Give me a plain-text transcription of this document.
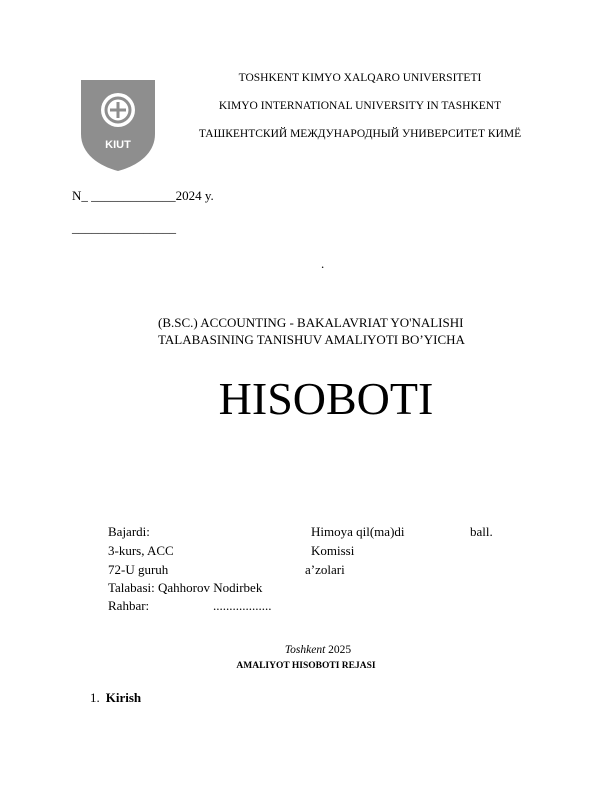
KIUT
TOSHKENT KIMYO XALQARO UNIVERSITETI
KIMYO INTERNATIONAL UNIVERSITY IN TASHKENT
ТАШКЕНТСКИЙ МЕЖДУНАРОДНЫЙ УНИВЕРСИТЕТ КИМЁ
N_ _____________2024 y.
________________
.
(B.SC.) ACCOUNTING - BAKALAVRIAT YO'NALISHI
TALABASINING TANISHUV AMALIYOTI BO’YICHA
HISOBOTI
Bajardi:	Himoya qil(ma)di	ball.
3-kurs, ACC	Komissi
72-U guruh	a’zolari
Talabasi: Qahhorov Nodirbek
Rahbar:	..................
Toshkent 2025
AMALIYOT HISOBOTI REJASI
1. Kirish
